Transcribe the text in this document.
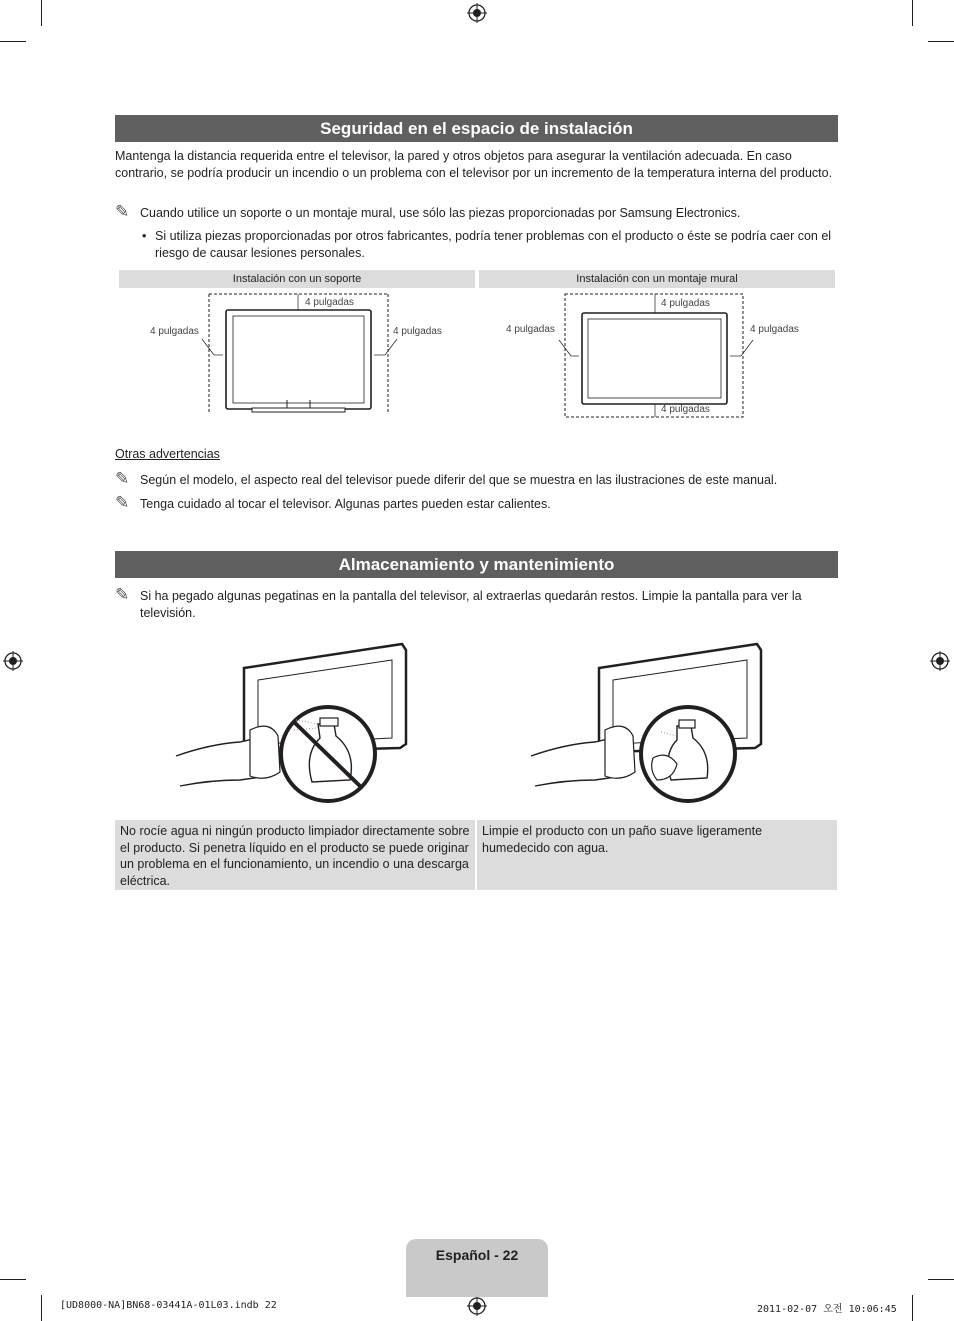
Seguridad en el espacio de instalación
Mantenga la distancia requerida entre el televisor, la pared y otros objetos para asegurar la ventilación adecuada. En caso contrario, se podría producir un incendio o un problema con el televisor por un incremento de la temperatura interna del producto.
✎ Cuando utilice un soporte o un montaje mural, use sólo las piezas proporcionadas por Samsung Electronics.
• Si utiliza piezas proporcionadas por otros fabricantes, podría tener problemas con el producto o éste se podría caer con el riesgo de causar lesiones personales.
Instalación con un soporte	Instalación con un montaje mural
4 pulgadas
4 pulgadas	4 pulgadas
4 pulgadas
4 pulgadas	4 pulgadas
4 pulgadas
Otras advertencias
✎ Según el modelo, el aspecto real del televisor puede diferir del que se muestra en las ilustraciones de este manual.
✎ Tenga cuidado al tocar el televisor. Algunas partes pueden estar calientes.
Almacenamiento y mantenimiento
✎ Si ha pegado algunas pegatinas en la pantalla del televisor, al extraerlas quedarán restos. Limpie la pantalla para ver la televisión.
No rocíe agua ni ningún producto limpiador directamente sobre el producto. Si penetra líquido en el producto se puede originar un problema en el funcionamiento, un incendio o una descarga eléctrica.
Limpie el producto con un paño suave ligeramente humedecido con agua.
Español - 22
[UD8000-NA]BN68-03441A-01L03.indb 22	2011-02-07 오전 10:06:45
